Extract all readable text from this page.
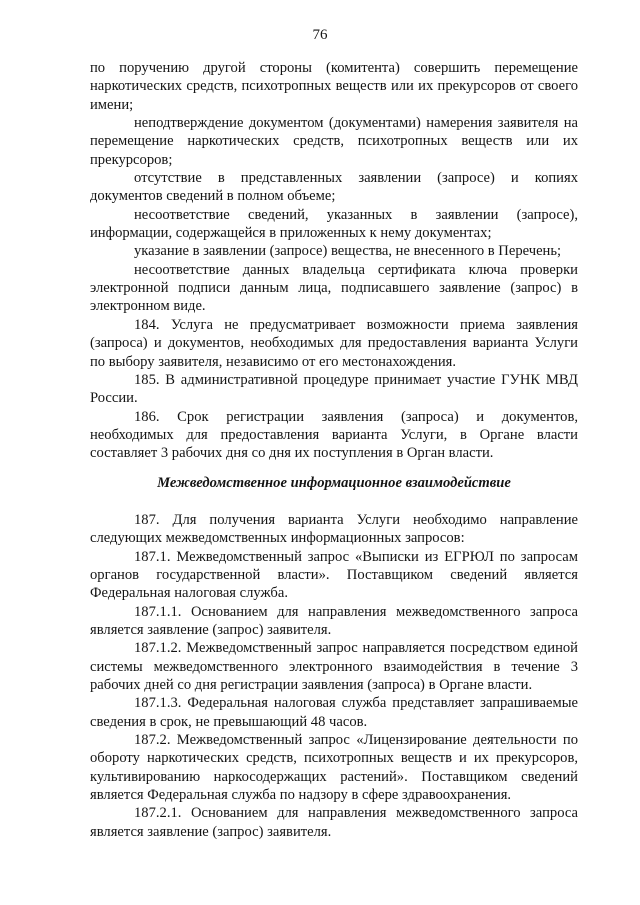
76

по поручению другой стороны (комитента) совершить перемещение наркотических средств, психотропных веществ или их прекурсоров от своего имени;

неподтверждение документом (документами) намерения заявителя на перемещение наркотических средств, психотропных веществ или их прекурсоров;

отсутствие в представленных заявлении (запросе) и копиях документов сведений в полном объеме;

несоответствие сведений, указанных в заявлении (запросе), информации, содержащейся в приложенных к нему документах;

указание в заявлении (запросе) вещества, не внесенного в Перечень;

несоответствие данных владельца сертификата ключа проверки электронной подписи данным лица, подписавшего заявление (запрос) в электронном виде.

184. Услуга не предусматривает возможности приема заявления (запроса) и документов, необходимых для предоставления варианта Услуги по выбору заявителя, независимо от его местонахождения.

185. В административной процедуре принимает участие ГУНК МВД России.

186. Срок регистрации заявления (запроса) и документов, необходимых для предоставления варианта Услуги, в Органе власти составляет 3 рабочих дня со дня их поступления в Орган власти.

Межведомственное информационное взаимодействие

187. Для получения варианта Услуги необходимо направление следующих межведомственных информационных запросов:

187.1. Межведомственный запрос «Выписки из ЕГРЮЛ по запросам органов государственной власти». Поставщиком сведений является Федеральная налоговая служба.

187.1.1. Основанием для направления межведомственного запроса является заявление (запрос) заявителя.

187.1.2. Межведомственный запрос направляется посредством единой системы межведомственного электронного взаимодействия в течение 3 рабочих дней со дня регистрации заявления (запроса) в Органе власти.

187.1.3. Федеральная налоговая служба представляет запрашиваемые сведения в срок, не превышающий 48 часов.

187.2. Межведомственный запрос «Лицензирование деятельности по обороту наркотических средств, психотропных веществ и их прекурсоров, культивированию наркосодержащих растений». Поставщиком сведений является Федеральная служба по надзору в сфере здравоохранения.

187.2.1. Основанием для направления межведомственного запроса является заявление (запрос) заявителя.
